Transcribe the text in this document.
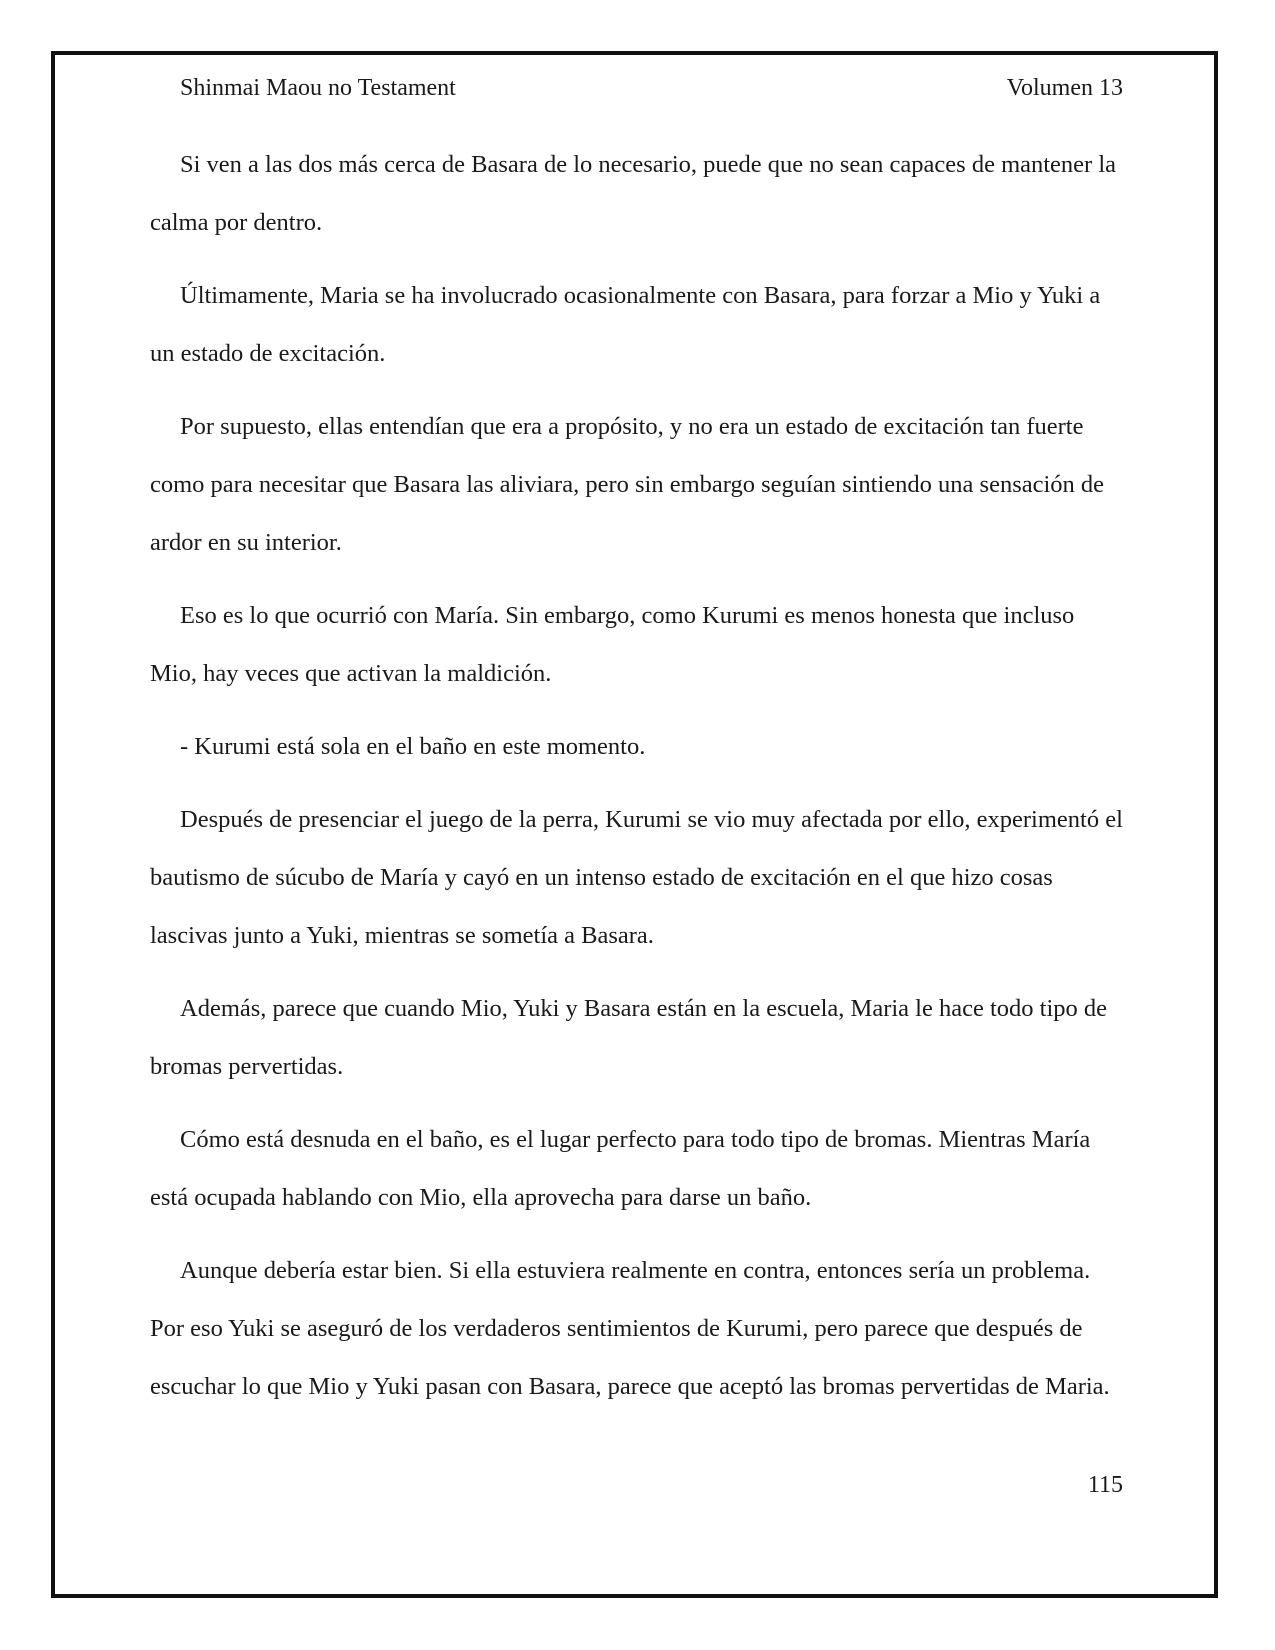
Shinmai Maou no Testament	Volumen 13

Si ven a las dos más cerca de Basara de lo necesario, puede que no sean capaces de mantener la calma por dentro.

Últimamente, Maria se ha involucrado ocasionalmente con Basara, para forzar a Mio y Yuki a un estado de excitación.

Por supuesto, ellas entendían que era a propósito, y no era un estado de excitación tan fuerte como para necesitar que Basara las aliviara, pero sin embargo seguían sintiendo una sensación de ardor en su interior.

Eso es lo que ocurrió con María. Sin embargo, como Kurumi es menos honesta que incluso Mio, hay veces que activan la maldición.

- Kurumi está sola en el baño en este momento.

Después de presenciar el juego de la perra, Kurumi se vio muy afectada por ello, experimentó el bautismo de súcubo de María y cayó en un intenso estado de excitación en el que hizo cosas lascivas junto a Yuki, mientras se sometía a Basara.

Además, parece que cuando Mio, Yuki y Basara están en la escuela, Maria le hace todo tipo de bromas pervertidas.

Cómo está desnuda en el baño, es el lugar perfecto para todo tipo de bromas. Mientras María está ocupada hablando con Mio, ella aprovecha para darse un baño.

Aunque debería estar bien. Si ella estuviera realmente en contra, entonces sería un problema. Por eso Yuki se aseguró de los verdaderos sentimientos de Kurumi, pero parece que después de escuchar lo que Mio y Yuki pasan con Basara, parece que aceptó las bromas pervertidas de Maria.

115
